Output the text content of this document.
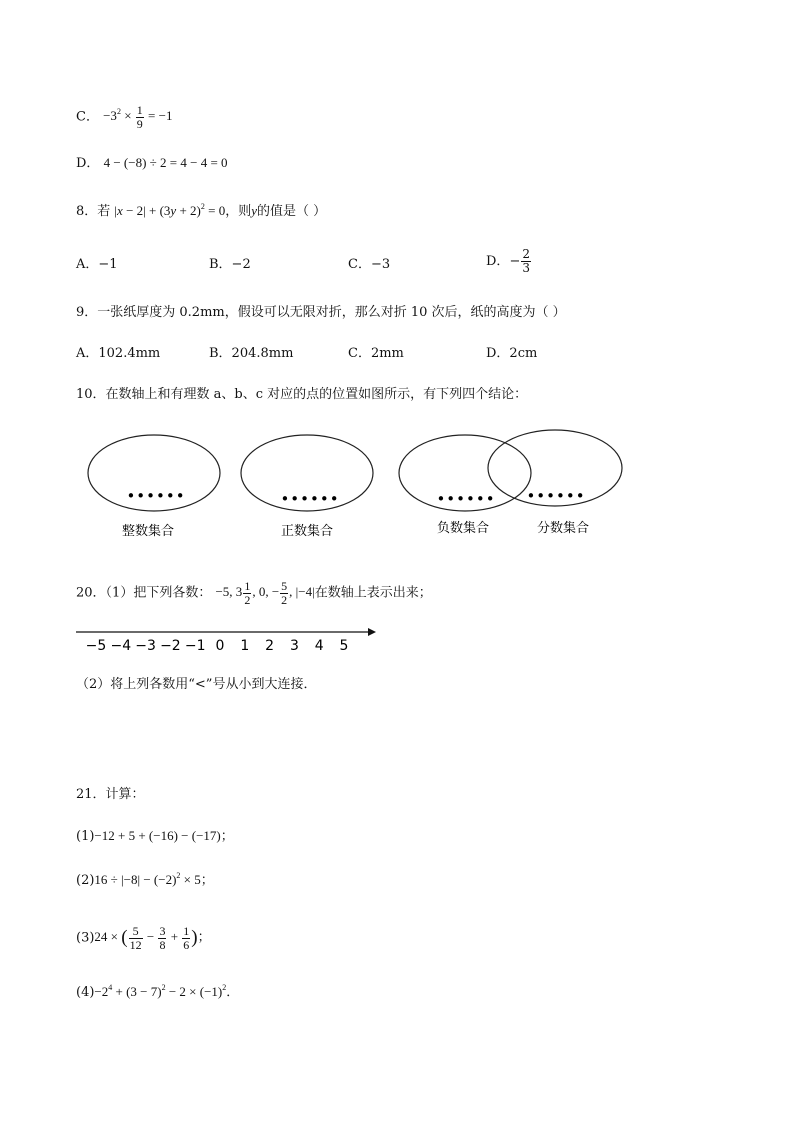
C． $-3^2 \times \frac{1}{9} = -1$
D． 4 − (−8) ÷ 2 = 4 − 4 = 0
8．若 $|x - 2| + (3y + 2)^2 = 0$，则y的值是（ ）
A．−1	B．−2	C．−3	D．− $\frac{2}{3}$
9．一张纸厚度为 0.2mm，假设可以无限对折，那么对折 10 次后，纸的高度为（ ）
A．102.4mm	B．204.8mm	C．2mm	D．2cm
10．在数轴上和有理数 a、b、c 对应的点的位置如图所示，有下列四个结论：
••••••	••••••	•••••• ••••••
整数集合	正数集合	负数集合	分数集合
20．（1）把下列各数： −5, $3 \frac{1}{2}$ , 0, − $\frac{5}{2}$ , |−4|在数轴上表示出来；
−5 −4 −3 −2 −1 0 1 2 3 4 5
（2）将上列各数用“<”号从小到大连接．
21．计算：
(1)−12 + 5 + (−16) − (−17)；
$(2)16 \div |-8| - (-2)^2 \times 5$；
(3)24 × ( $\frac{5}{12} - \frac{3}{8} + \frac{1}{6}$ )；
$(4)-2^4 + (3 - 7)^2 - 2 \times (-1)^2$．
